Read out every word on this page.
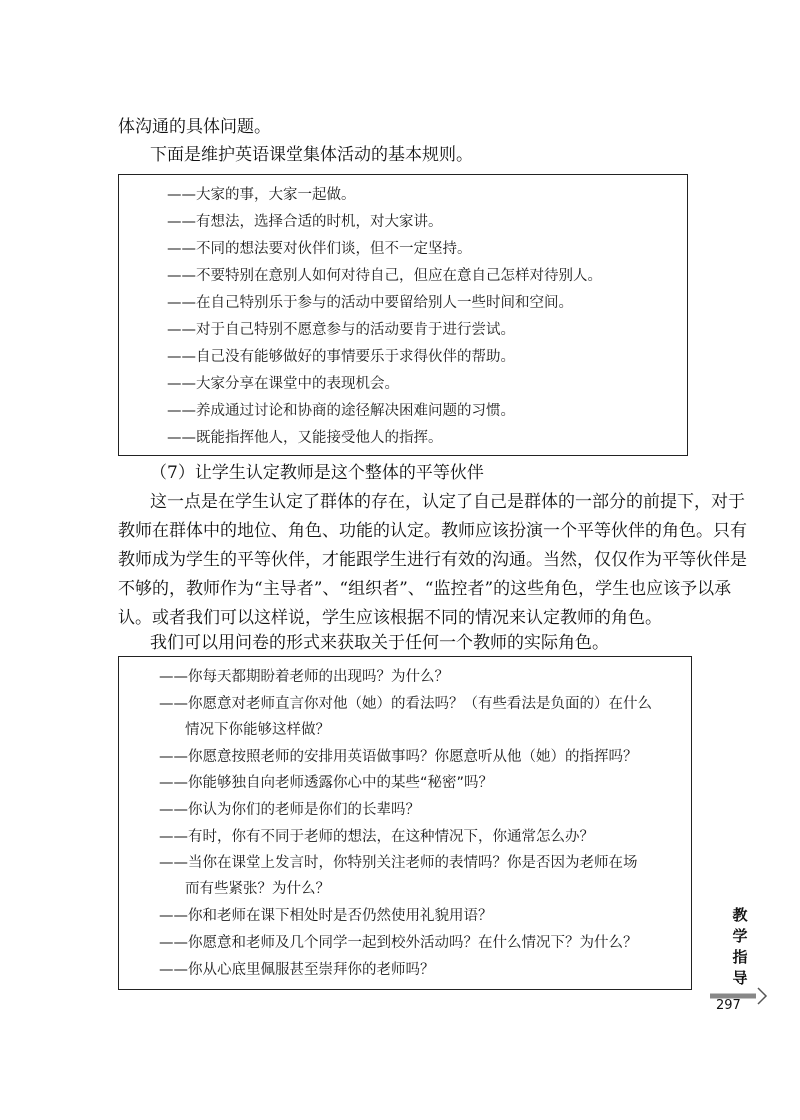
体沟通的具体问题。
下面是维护英语课堂集体活动的基本规则。
——大家的事，大家一起做。
——有想法，选择合适的时机，对大家讲。
——不同的想法要对伙伴们谈，但不一定坚持。
——不要特别在意别人如何对待自己，但应在意自己怎样对待别人。
——在自己特别乐于参与的活动中要留给别人一些时间和空间。
——对于自己特别不愿意参与的活动要肯于进行尝试。
——自己没有能够做好的事情要乐于求得伙伴的帮助。
——大家分享在课堂中的表现机会。
——养成通过讨论和协商的途径解决困难问题的习惯。
——既能指挥他人，又能接受他人的指挥。
（7）让学生认定教师是这个整体的平等伙伴
这一点是在学生认定了群体的存在，认定了自己是群体的一部分的前提下，对于
教师在群体中的地位、角色、功能的认定。教师应该扮演一个平等伙伴的角色。只有
教师成为学生的平等伙伴，才能跟学生进行有效的沟通。当然，仅仅作为平等伙伴是
不够的，教师作为“主导者”、“组织者”、“监控者”的这些角色，学生也应该予以承
认。或者我们可以这样说，学生应该根据不同的情况来认定教师的角色。
我们可以用问卷的形式来获取关于任何一个教师的实际角色。
——你每天都期盼着老师的出现吗？为什么？
——你愿意对老师直言你对他（她）的看法吗？（有些看法是负面的）在什么
情况下你能够这样做？
——你愿意按照老师的安排用英语做事吗？你愿意听从他（她）的指挥吗？
——你能够独自向老师透露你心中的某些“秘密”吗？
——你认为你们的老师是你们的长辈吗？
——有时，你有不同于老师的想法，在这种情况下，你通常怎么办？
——当你在课堂上发言时，你特别关注老师的表情吗？你是否因为老师在场
而有些紧张？为什么？
——你和老师在课下相处时是否仍然使用礼貌用语？
——你愿意和老师及几个同学一起到校外活动吗？在什么情况下？为什么？
——你从心底里佩服甚至崇拜你的老师吗？
教
学
指
导
297
